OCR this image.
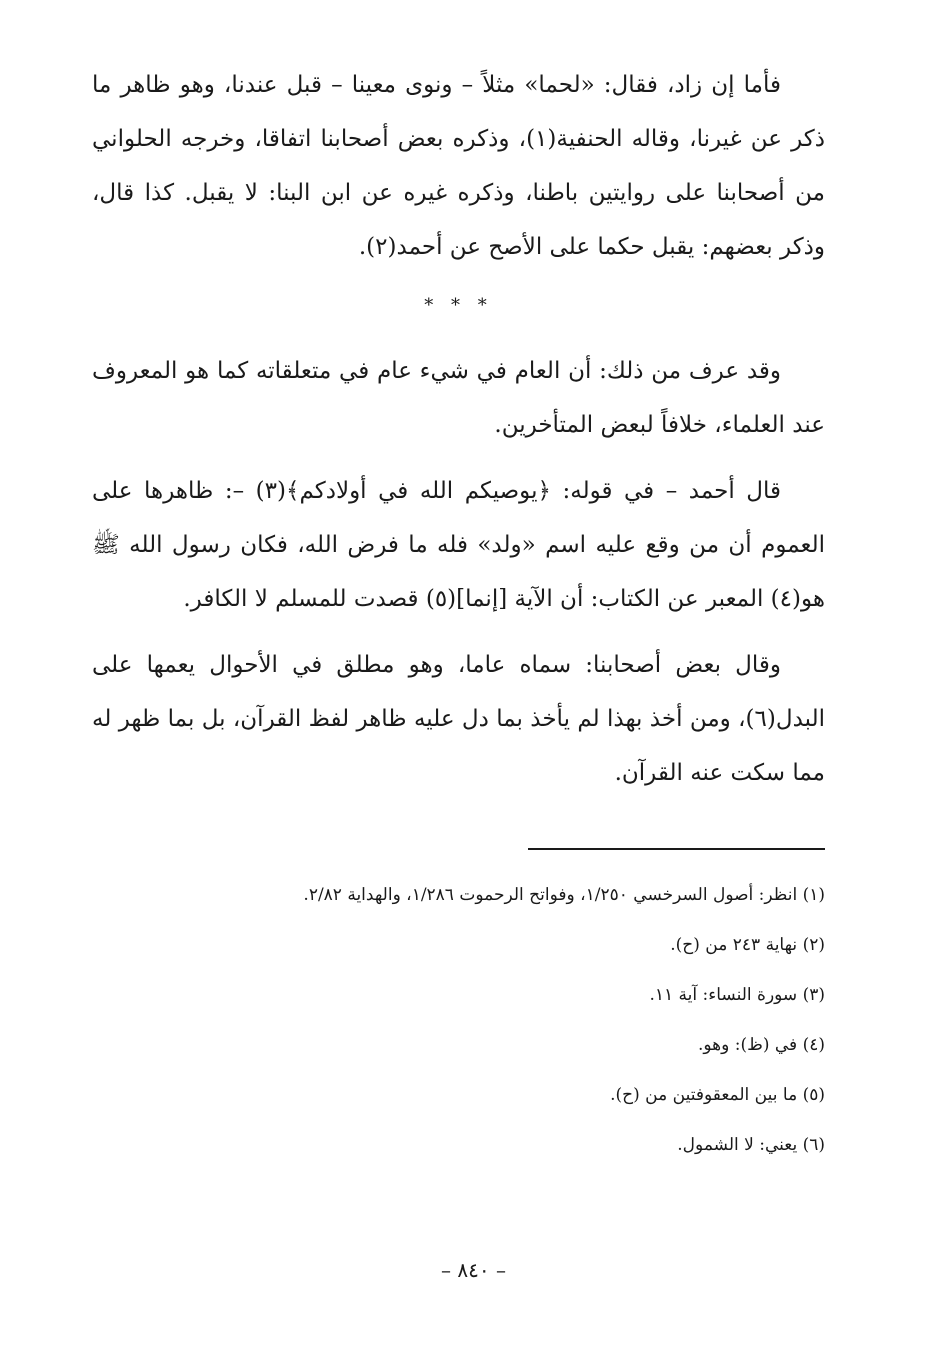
فأما إن زاد، فقال: «لحما» مثلاً – ونوى معينا – قبل عندنا، وهو ظاهر ما ذكر عن غيرنا، وقاله الحنفية(١)، وذكره بعض أصحابنا اتفاقا، وخرجه الحلواني من أصحابنا على روايتين باطنا، وذكره غيره عن ابن البنا: لا يقبل. كذا قال، وذكر بعضهم: يقبل حكما على الأصح عن أحمد(٢).

* * *

وقد عرف من ذلك: أن العام في شيء عام في متعلقاته كما هو المعروف عند العلماء، خلافاً لبعض المتأخرين.

قال أحمد – في قوله: ﴿يوصيكم الله في أولادكم﴾(٣) –: ظاهرها على العموم أن من وقع عليه اسم «ولد» فله ما فرض الله، فكان رسول الله ﷺ هو(٤) المعبر عن الكتاب: أن الآية [إنما](٥) قصدت للمسلم لا الكافر.

وقال بعض أصحابنا: سماه عاما، وهو مطلق في الأحوال يعمها على البدل(٦)، ومن أخذ بهذا لم يأخذ بما دل عليه ظاهر لفظ القرآن، بل بما ظهر له مما سكت عنه القرآن.

(١) انظر: أصول السرخسي ١/٢٥٠، وفواتح الرحموت ١/٢٨٦، والهداية ٢/٨٢.

(٢) نهاية ٢٤٣ من (ح).

(٣) سورة النساء: آية ١١.

(٤) في (ظ): وهو.

(٥) ما بين المعقوفتين من (ح).

(٦) يعني: لا الشمول.

– ٨٤٠ –
